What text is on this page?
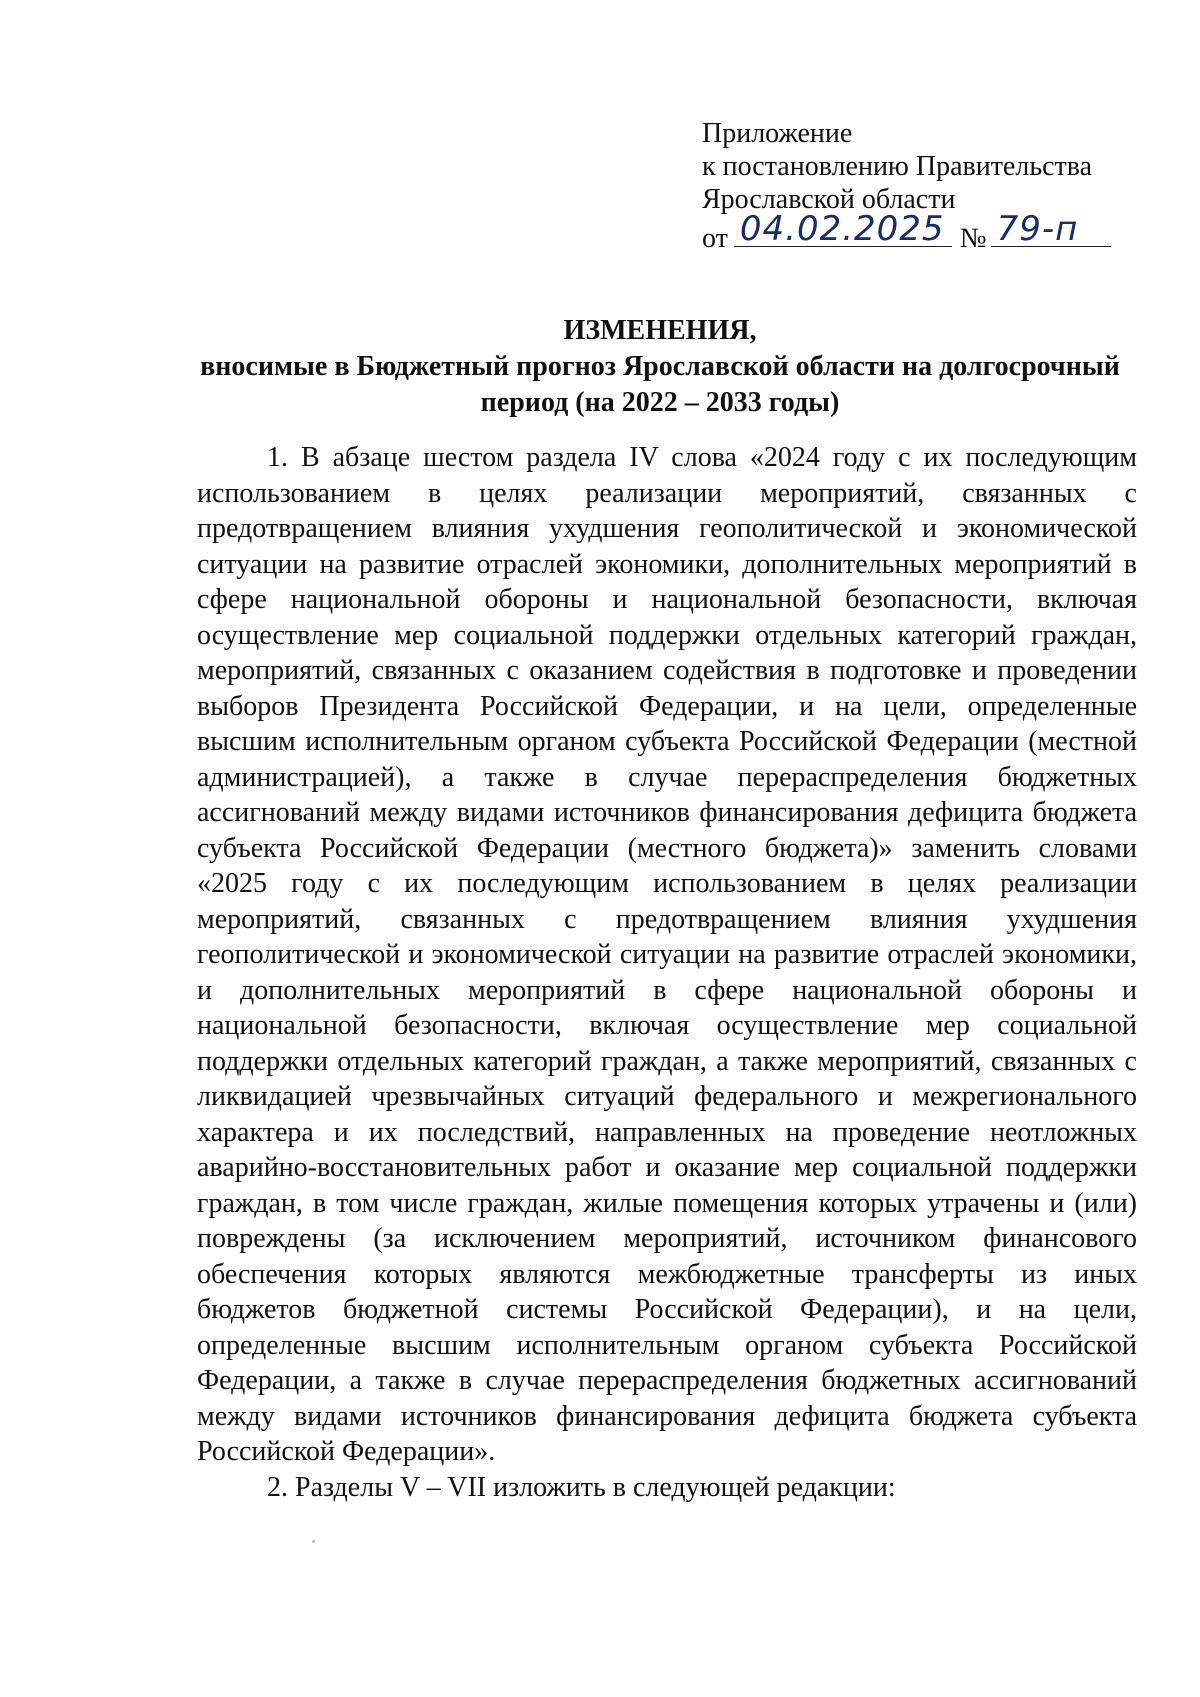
Приложение
к постановлению Правительства
Ярославской области
от 04.02.2025 № 79-п
ИЗМЕНЕНИЯ,
вносимые в Бюджетный прогноз Ярославской области на долгосрочный период (на 2022 – 2033 годы)

1. В абзаце шестом раздела IV слова «2024 году с их последующим использованием в целях реализации мероприятий, связанных с предотвращением влияния ухудшения геополитической и экономической ситуации на развитие отраслей экономики, дополнительных мероприятий в сфере национальной обороны и национальной безопасности, включая осуществление мер социальной поддержки отдельных категорий граждан, мероприятий, связанных с оказанием содействия в подготовке и проведении выборов Президента Российской Федерации, и на цели, определенные высшим исполнительным органом субъекта Российской Федерации (местной администрацией), а также в случае перераспределения бюджетных ассигнований между видами источников финансирования дефицита бюджета субъекта Российской Федерации (местного бюджета)» заменить словами «2025 году с их последующим использованием в целях реализации мероприятий, связанных с предотвращением влияния ухудшения геополитической и экономической ситуации на развитие отраслей экономики, и дополнительных мероприятий в сфере национальной обороны и национальной безопасности, включая осуществление мер социальной поддержки отдельных категорий граждан, а также мероприятий, связанных с ликвидацией чрезвычайных ситуаций федерального и межрегионального характера и их последствий, направленных на проведение неотложных аварийно-восстановительных работ и оказание мер социальной поддержки граждан, в том числе граждан, жилые помещения которых утрачены и (или) повреждены (за исключением мероприятий, источником финансового обеспечения которых являются межбюджетные трансферты из иных бюджетов бюджетной системы Российской Федерации), и на цели, определенные высшим исполнительным органом субъекта Российской Федерации, а также в случае перераспределения бюджетных ассигнований между видами источников финансирования дефицита бюджета субъекта Российской Федерации».

2. Разделы V – VII изложить в следующей редакции:
